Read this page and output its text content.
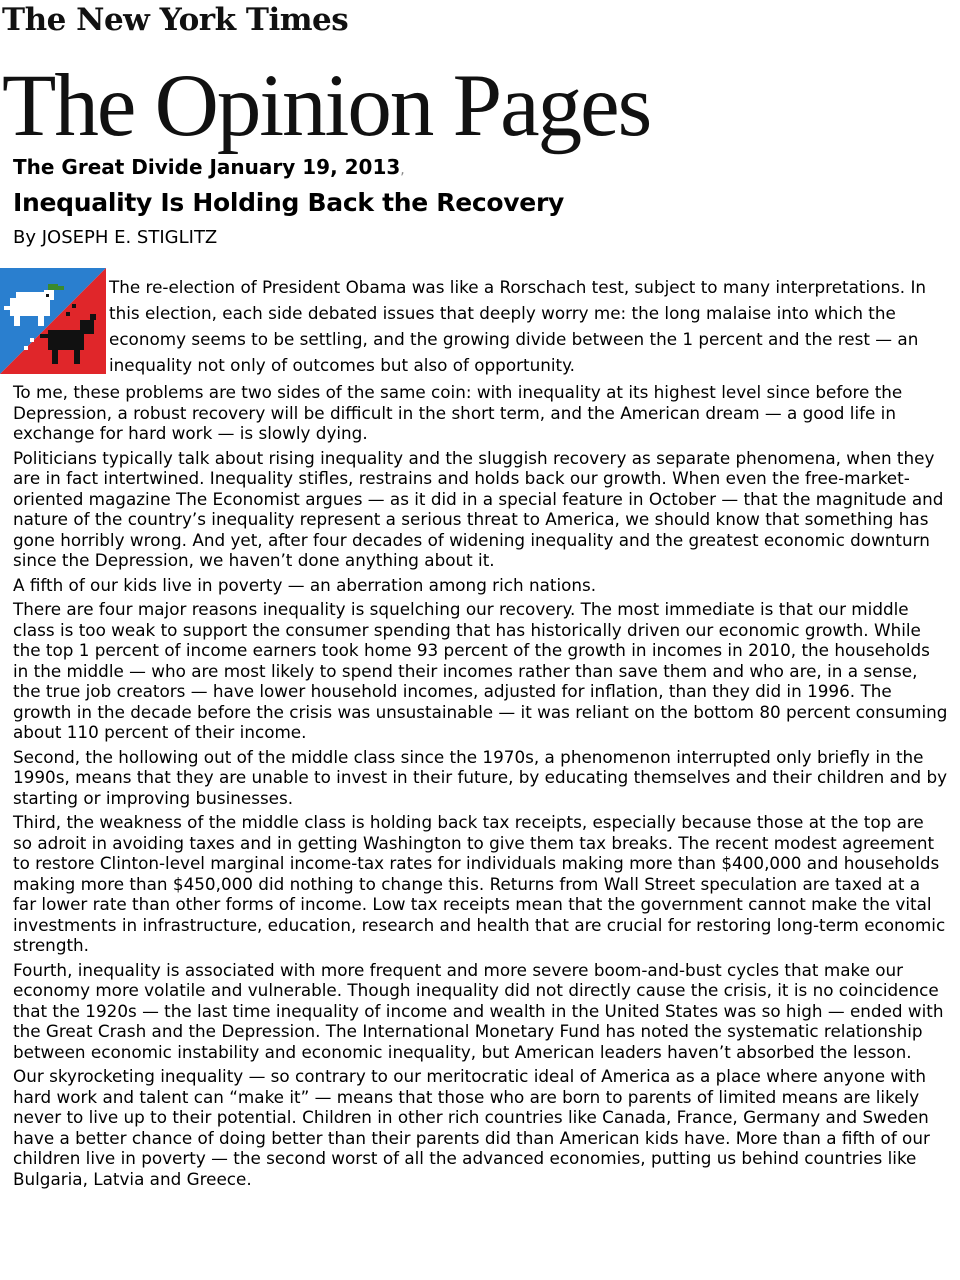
The New York Times
The Opinion Pages
The Great Divide January 19, 2013,
Inequality Is Holding Back the Recovery
By JOSEPH E. STIGLITZ
The re-election of President Obama was like a Rorschach test, subject to many interpretations. In this election, each side debated issues that deeply worry me: the long malaise into which the economy seems to be settling, and the growing divide between the 1 percent and the rest — an inequality not only of outcomes but also of opportunity.

To me, these problems are two sides of the same coin: with inequality at its highest level since before the Depression, a robust recovery will be difficult in the short term, and the American dream — a good life in exchange for hard work — is slowly dying.

Politicians typically talk about rising inequality and the sluggish recovery as separate phenomena, when they are in fact intertwined. Inequality stifles, restrains and holds back our growth. When even the free-market-oriented magazine The Economist argues — as it did in a special feature in October — that the magnitude and nature of the country’s inequality represent a serious threat to America, we should know that something has gone horribly wrong. And yet, after four decades of widening inequality and the greatest economic downturn since the Depression, we haven’t done anything about it.

A fifth of our kids live in poverty — an aberration among rich nations.

There are four major reasons inequality is squelching our recovery. The most immediate is that our middle class is too weak to support the consumer spending that has historically driven our economic growth. While the top 1 percent of income earners took home 93 percent of the growth in incomes in 2010, the households in the middle — who are most likely to spend their incomes rather than save them and who are, in a sense, the true job creators — have lower household incomes, adjusted for inflation, than they did in 1996. The growth in the decade before the crisis was unsustainable — it was reliant on the bottom 80 percent consuming about 110 percent of their income.

Second, the hollowing out of the middle class since the 1970s, a phenomenon interrupted only briefly in the 1990s, means that they are unable to invest in their future, by educating themselves and their children and by starting or improving businesses.

Third, the weakness of the middle class is holding back tax receipts, especially because those at the top are so adroit in avoiding taxes and in getting Washington to give them tax breaks. The recent modest agreement to restore Clinton-level marginal income-tax rates for individuals making more than $400,000 and households making more than $450,000 did nothing to change this. Returns from Wall Street speculation are taxed at a far lower rate than other forms of income. Low tax receipts mean that the government cannot make the vital investments in infrastructure, education, research and health that are crucial for restoring long-term economic strength.

Fourth, inequality is associated with more frequent and more severe boom-and-bust cycles that make our economy more volatile and vulnerable. Though inequality did not directly cause the crisis, it is no coincidence that the 1920s — the last time inequality of income and wealth in the United States was so high — ended with the Great Crash and the Depression. The International Monetary Fund has noted the systematic relationship between economic instability and economic inequality, but American leaders haven’t absorbed the lesson.

Our skyrocketing inequality — so contrary to our meritocratic ideal of America as a place where anyone with hard work and talent can “make it” — means that those who are born to parents of limited means are likely never to live up to their potential. Children in other rich countries like Canada, France, Germany and Sweden have a better chance of doing better than their parents did than American kids have. More than a fifth of our children live in poverty — the second worst of all the advanced economies, putting us behind countries like Bulgaria, Latvia and Greece.
